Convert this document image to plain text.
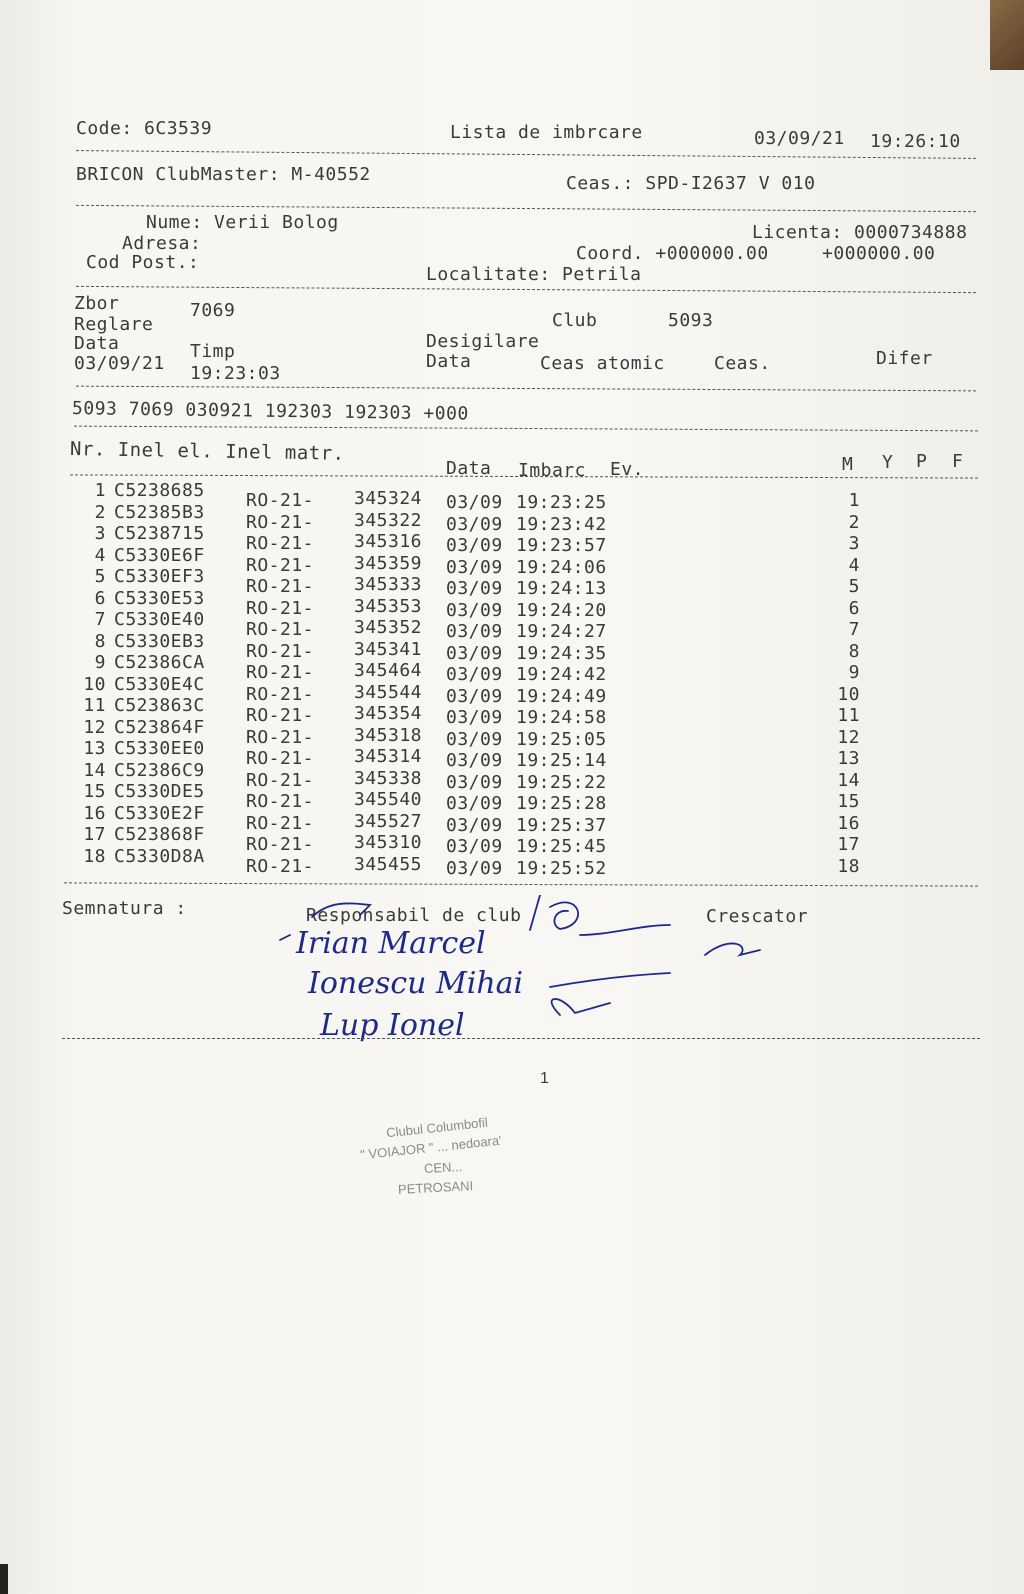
Code: 6C3539	Lista de imbrcare	03/09/21 19:26:10
BRICON ClubMaster: M-40552	Ceas.: SPD-I2637 V 010
Nume: Verii Bolog
Adresa:
Cod Post.:
Licenta: 0000734888
Coord. +000000.00	+000000.00
Localitate: Petrila
Zbor	7069
Reglare	Club	5093
Data	Timp	Desigilare
03/09/21 19:23:03
Data	Ceas atomic	Ceas.	Difer
5093 7069 030921 192303 192303 +000
Nr. Inel el. Inel matr.
Data Imbarc Ev.	M Y P F
1 C5238685 RO-21- 345324 03/09 19:23:25	1
2 C52385B3 RO-21- 345322 03/09 19:23:42	2
3 C5238715 RO-21- 345316 03/09 19:23:57	3
4 C5330E6F RO-21- 345359 03/09 19:24:06	4
5 C5330EF3 RO-21- 345333 03/09 19:24:13	5
6 C5330E53 RO-21- 345353 03/09 19:24:20	6
7 C5330E40 RO-21- 345352 03/09 19:24:27	7
8 C5330EB3 RO-21- 345341 03/09 19:24:35	8
9 C52386CA RO-21- 345464 03/09 19:24:42	9
10 C5330E4C RO-21- 345544 03/09 19:24:49	10
11 C523863C RO-21- 345354 03/09 19:24:58	11
12 C523864F RO-21- 345318 03/09 19:25:05	12
13 C5330EE0 RO-21- 345314 03/09 19:25:14	13
14 C52386C9 RO-21- 345338 03/09 19:25:22	14
15 C5330DE5 RO-21- 345540 03/09 19:25:28	15
16 C5330E2F RO-21- 345527 03/09 19:25:37	16
17 C523868F RO-21- 345310 03/09 19:25:45	17
18 C5330D8A RO-21- 345455 03/09 19:25:52	18
Semnatura :	Responsabil de club	Crescator
Irian Marcel
Ionescu Mihai
Lup Ionel
1
Clubul Columbofil
" VOIAJOR " ... nedoara'
CEN...
PETROSANI
